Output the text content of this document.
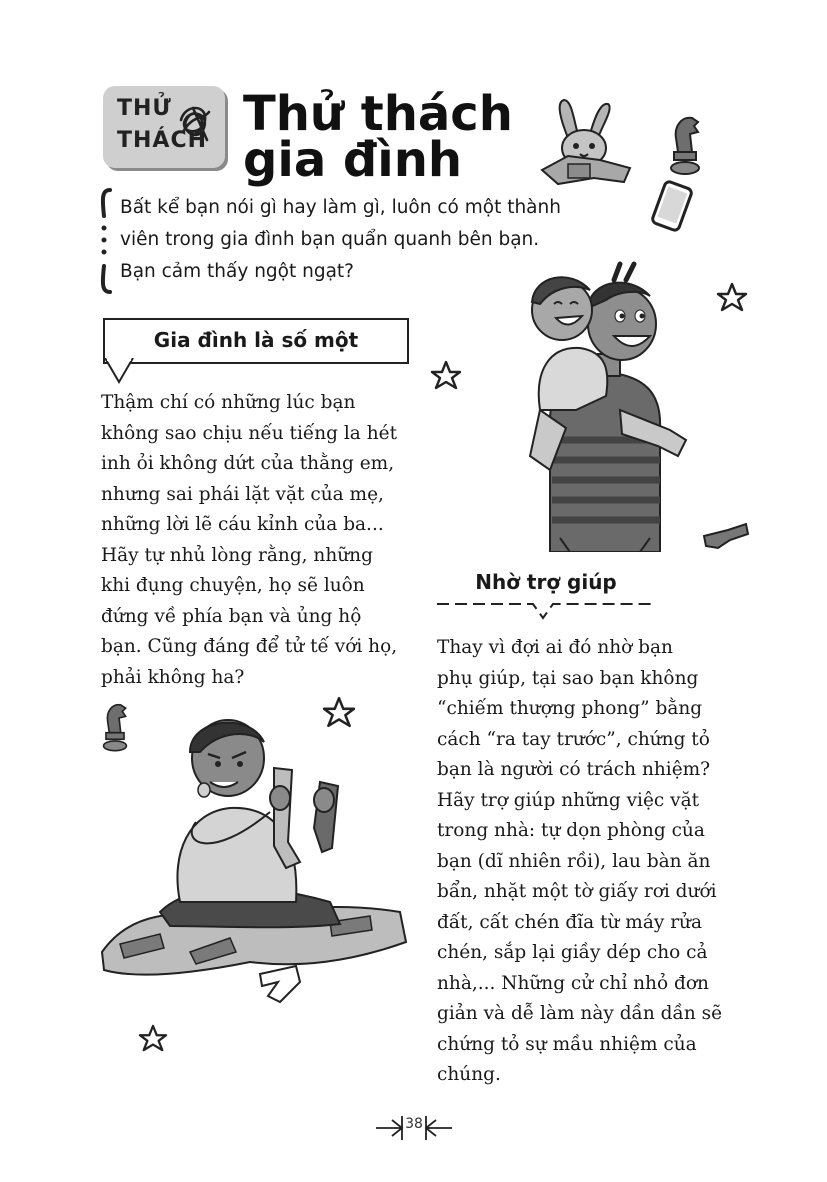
THỬ
THÁCH Thử thách
gia đình
Bất kể bạn nói gì hay làm gì, luôn có một thành
viên trong gia đình bạn quẩn quanh bên bạn.
Bạn cảm thấy ngột ngạt?
Gia đình là số một
Thậm chí có những lúc bạn
không sao chịu nếu tiếng la hét
inh ỏi không dứt của thằng em,
nhưng sai phái lặt vặt của mẹ,
những lời lẽ cáu kỉnh của ba...
Hãy tự nhủ lòng rằng, những
khi đụng chuyện, họ sẽ luôn
đứng về phía bạn và ủng hộ
bạn. Cũng đáng để tử tế với họ,
phải không ha?
Nhờ trợ giúp
Thay vì đợi ai đó nhờ bạn
phụ giúp, tại sao bạn không
“chiếm thượng phong” bằng
cách “ra tay trước”, chứng tỏ
bạn là người có trách nhiệm?
Hãy trợ giúp những việc vặt
trong nhà: tự dọn phòng của
bạn (dĩ nhiên rồi), lau bàn ăn
bẩn, nhặt một tờ giấy rơi dưới
đất, cất chén đĩa từ máy rửa
chén, sắp lại giầy dép cho cả
nhà,... Những cử chỉ nhỏ đơn
giản và dễ làm này dần dần sẽ
chứng tỏ sự mầu nhiệm của
chúng.
38
